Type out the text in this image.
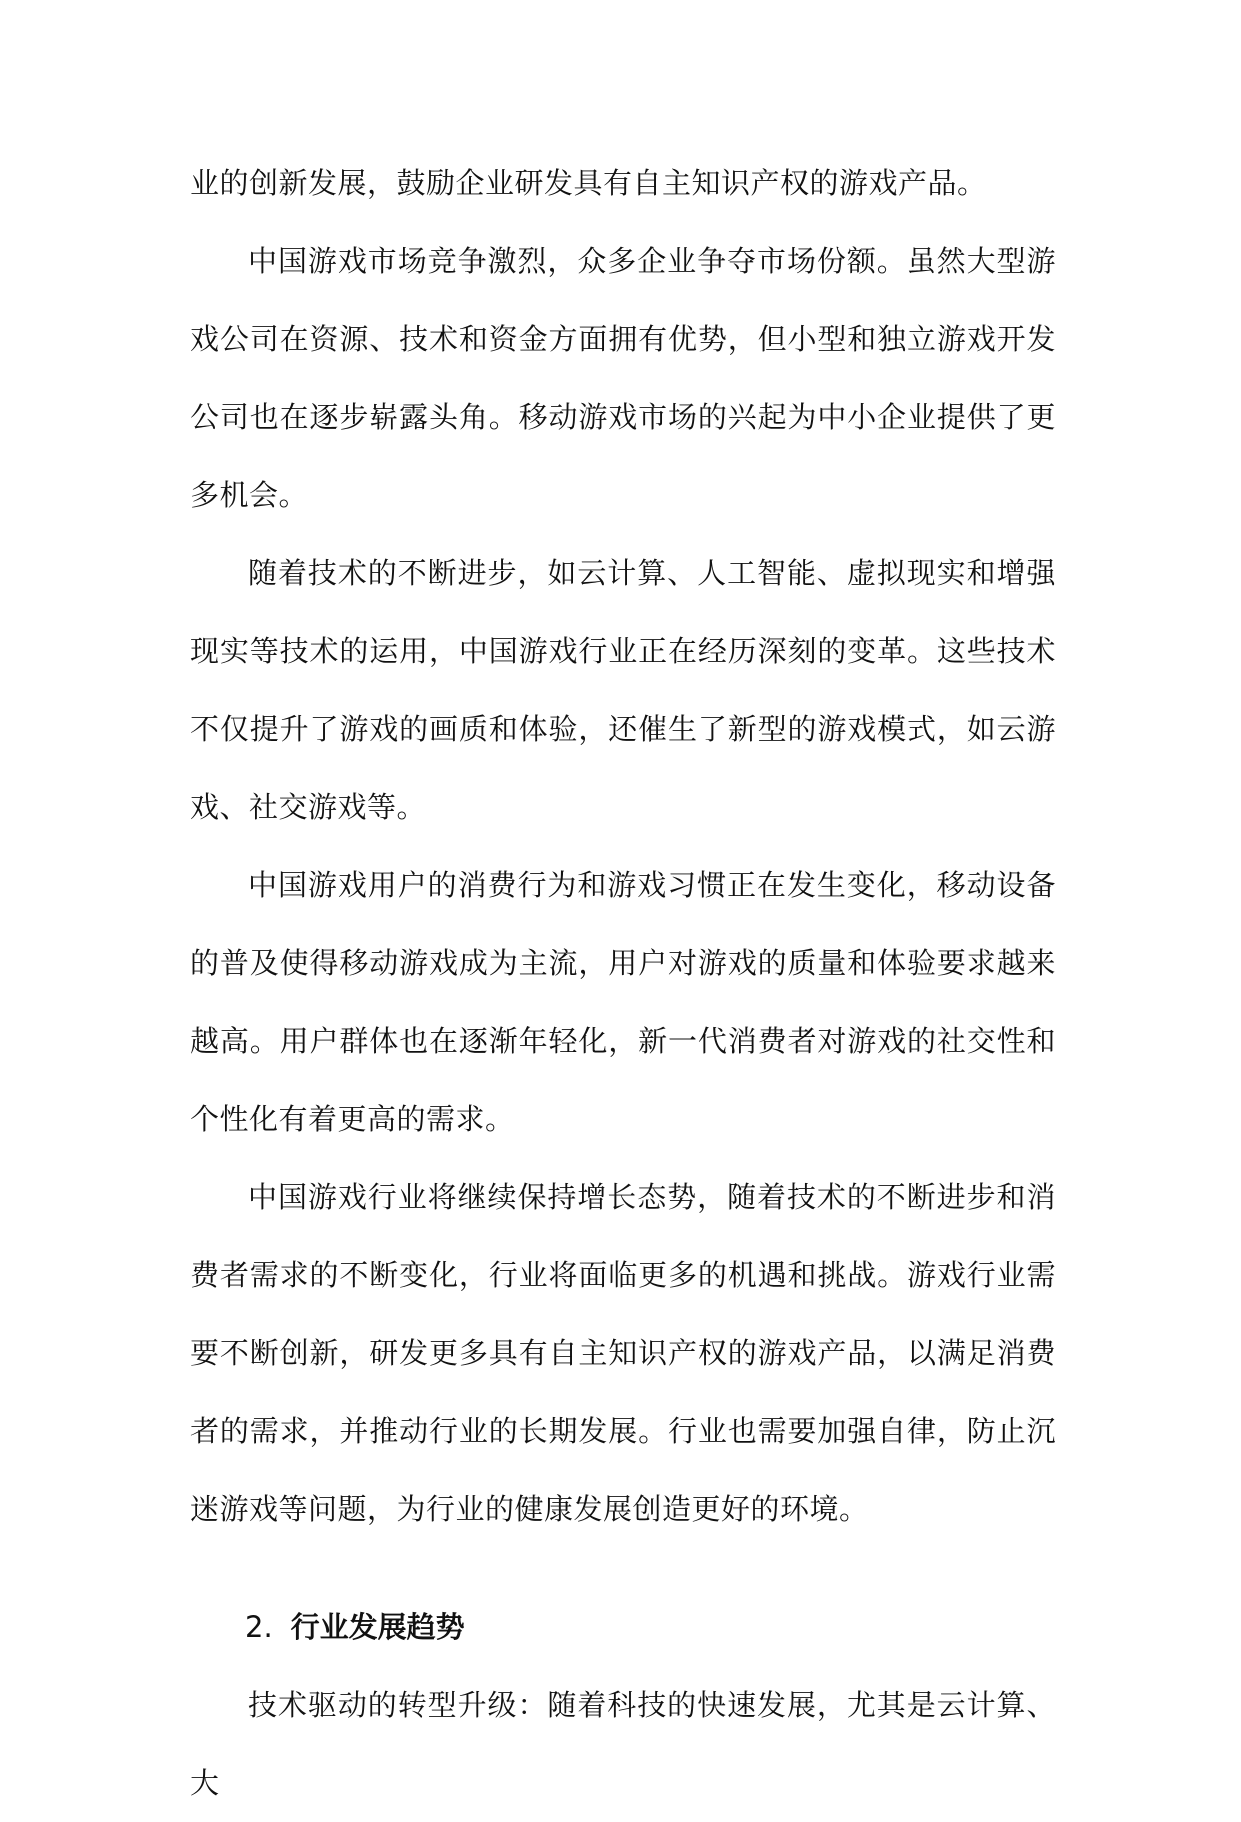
业的创新发展，鼓励企业研发具有自主知识产权的游戏产品。

中国游戏市场竞争激烈，众多企业争夺市场份额。虽然大型游戏公司在资源、技术和资金方面拥有优势，但小型和独立游戏开发公司也在逐步崭露头角。移动游戏市场的兴起为中小企业提供了更多机会。

随着技术的不断进步，如云计算、人工智能、虚拟现实和增强现实等技术的运用，中国游戏行业正在经历深刻的变革。这些技术不仅提升了游戏的画质和体验，还催生了新型的游戏模式，如云游戏、社交游戏等。

中国游戏用户的消费行为和游戏习惯正在发生变化，移动设备的普及使得移动游戏成为主流，用户对游戏的质量和体验要求越来越高。用户群体也在逐渐年轻化，新一代消费者对游戏的社交性和个性化有着更高的需求。

中国游戏行业将继续保持增长态势，随着技术的不断进步和消费者需求的不断变化，行业将面临更多的机遇和挑战。游戏行业需要不断创新，研发更多具有自主知识产权的游戏产品，以满足消费者的需求，并推动行业的长期发展。行业也需要加强自律，防止沉迷游戏等问题，为行业的健康发展创造更好的环境。

2. 行业发展趋势

技术驱动的转型升级：随着科技的快速发展，尤其是云计算、大
